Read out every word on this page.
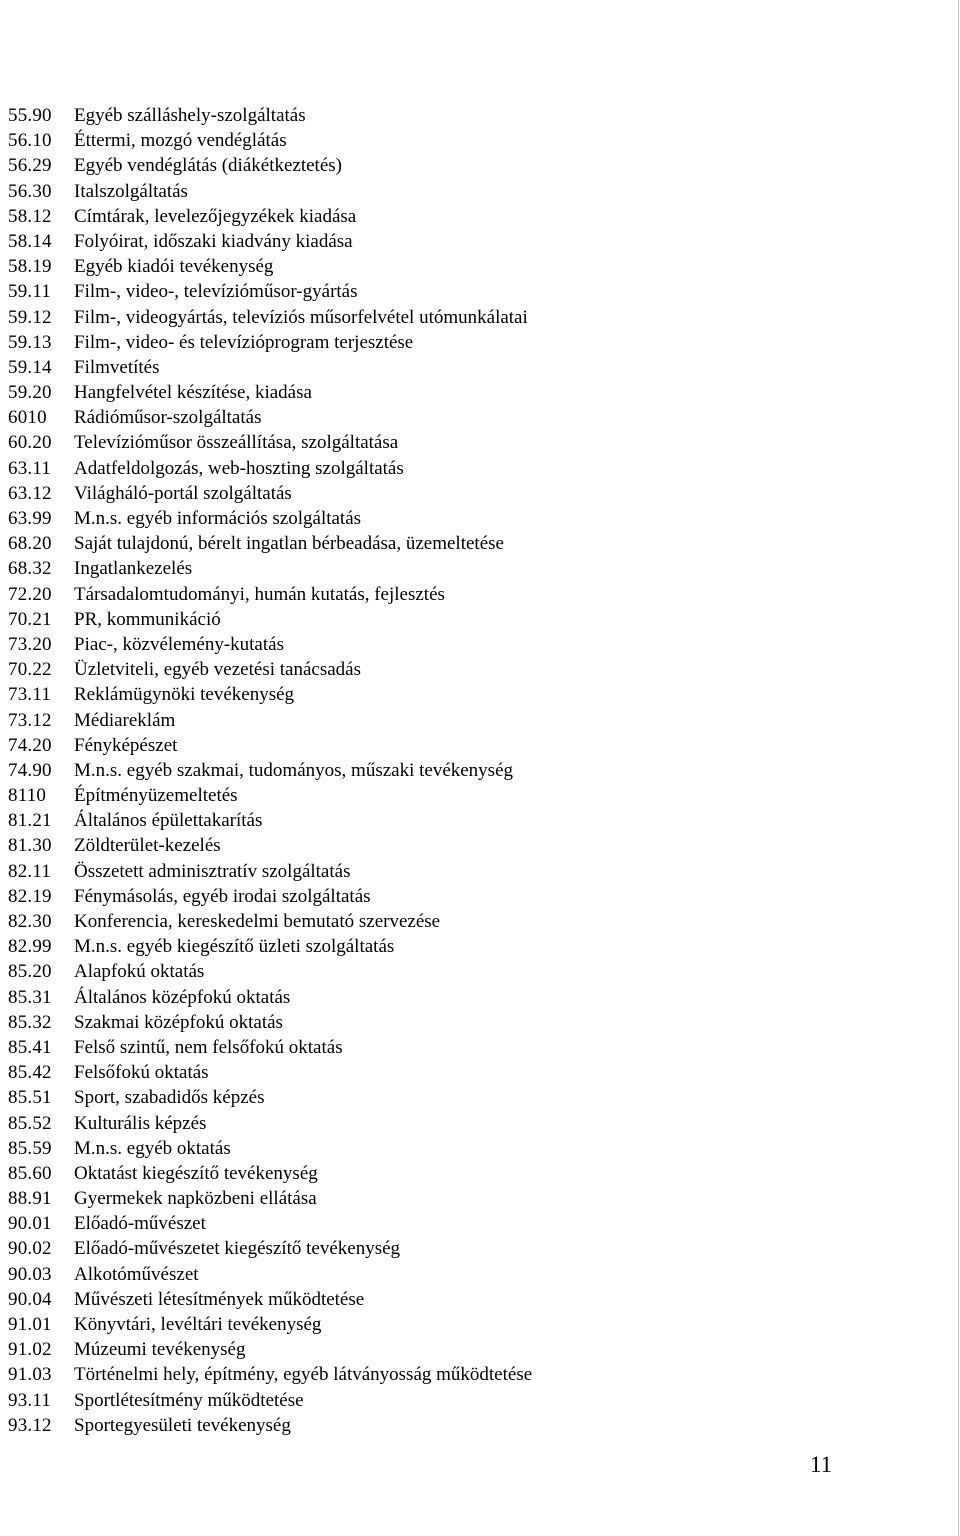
55.90 Egyéb szálláshely-szolgáltatás
56.10 Éttermi, mozgó vendéglátás
56.29 Egyéb vendéglátás (diákétkeztetés)
56.30 Italszolgáltatás
58.12 Címtárak, levelezőjegyzékek kiadása
58.14 Folyóirat, időszaki kiadvány kiadása
58.19 Egyéb kiadói tevékenység
59.11 Film-, video-, televízióműsor-gyártás
59.12 Film-, videogyártás, televíziós műsorfelvétel utómunkálatai
59.13 Film-, video- és televízióprogram terjesztése
59.14 Filmvetítés
59.20 Hangfelvétel készítése, kiadása
6010 Rádióműsor-szolgáltatás
60.20 Televízióműsor összeállítása, szolgáltatása
63.11 Adatfeldolgozás, web-hoszting szolgáltatás
63.12 Világháló-portál szolgáltatás
63.99 M.n.s. egyéb információs szolgáltatás
68.20 Saját tulajdonú, bérelt ingatlan bérbeadása, üzemeltetése
68.32 Ingatlankezelés
72.20 Társadalomtudományi, humán kutatás, fejlesztés
70.21 PR, kommunikáció
73.20 Piac-, közvélemény-kutatás
70.22 Üzletviteli, egyéb vezetési tanácsadás
73.11 Reklámügynöki tevékenység
73.12 Médiareklám
74.20 Fényképészet
74.90 M.n.s. egyéb szakmai, tudományos, műszaki tevékenység
8110 Építményüzemeltetés
81.21 Általános épülettakarítás
81.30 Zöldterület-kezelés
82.11 Összetett adminisztratív szolgáltatás
82.19 Fénymásolás, egyéb irodai szolgáltatás
82.30 Konferencia, kereskedelmi bemutató szervezése
82.99 M.n.s. egyéb kiegészítő üzleti szolgáltatás
85.20 Alapfokú oktatás
85.31 Általános középfokú oktatás
85.32 Szakmai középfokú oktatás
85.41 Felső szintű, nem felsőfokú oktatás
85.42 Felsőfokú oktatás
85.51 Sport, szabadidős képzés
85.52 Kulturális képzés
85.59 M.n.s. egyéb oktatás
85.60 Oktatást kiegészítő tevékenység
88.91 Gyermekek napközbeni ellátása
90.01 Előadó-művészet
90.02 Előadó-művészetet kiegészítő tevékenység
90.03 Alkotóművészet
90.04 Művészeti létesítmények működtetése
91.01 Könyvtári, levéltári tevékenység
91.02 Múzeumi tevékenység
91.03 Történelmi hely, építmény, egyéb látványosság működtetése
93.11 Sportlétesítmény működtetése
93.12 Sportegyesületi tevékenység
11
